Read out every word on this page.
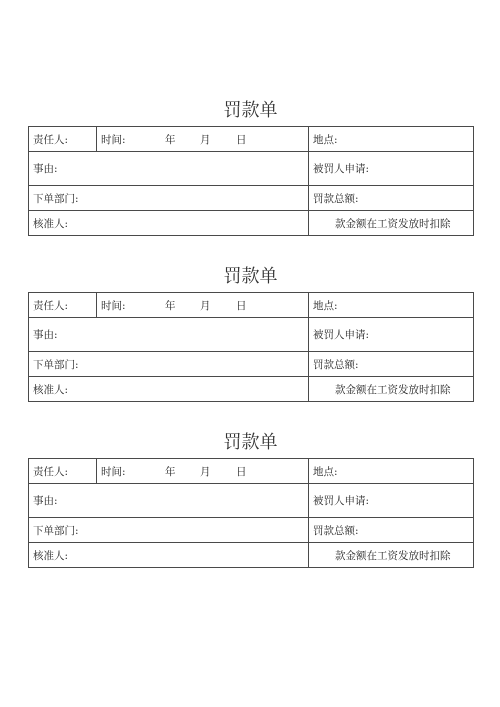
罚款单
责任人:	时间: 年 月 日	地点:
事由:		被罚人申请:
下单部门:		罚款总额:
核准人:		款金额在工资发放时扣除
罚款单
责任人:	时间: 年 月 日	地点:
事由:		被罚人申请:
下单部门:		罚款总额:
核准人:		款金额在工资发放时扣除
罚款单
责任人:	时间: 年 月 日	地点:
事由:		被罚人申请:
下单部门:		罚款总额:
核准人:		款金额在工资发放时扣除
